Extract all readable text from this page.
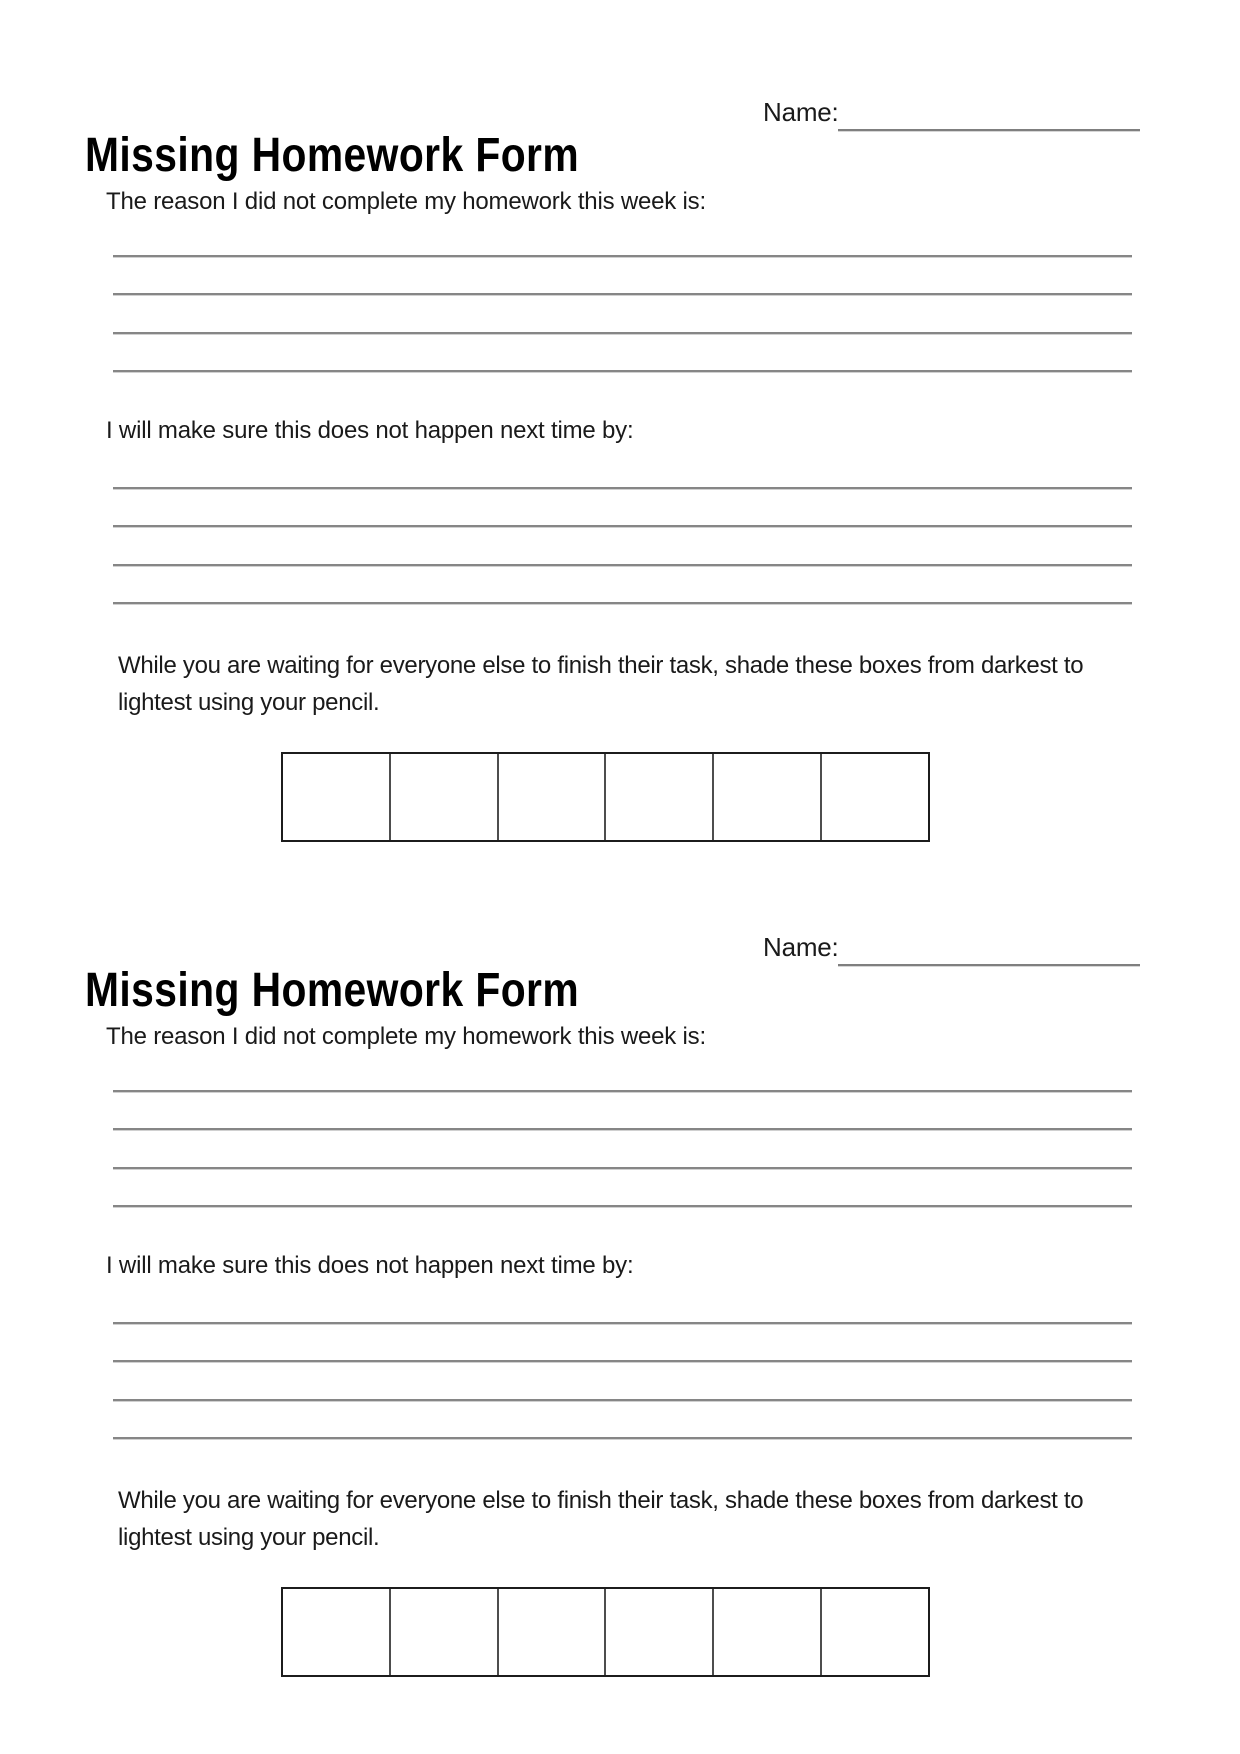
Missing Homework Form
Name:
The reason I did not complete my homework this week is:
I will make sure this does not happen next time by:
While you are waiting for everyone else to finish their task, shade these boxes from darkest to
lightest using your pencil.
Missing Homework Form
Name:
The reason I did not complete my homework this week is:
I will make sure this does not happen next time by:
While you are waiting for everyone else to finish their task, shade these boxes from darkest to
lightest using your pencil.
